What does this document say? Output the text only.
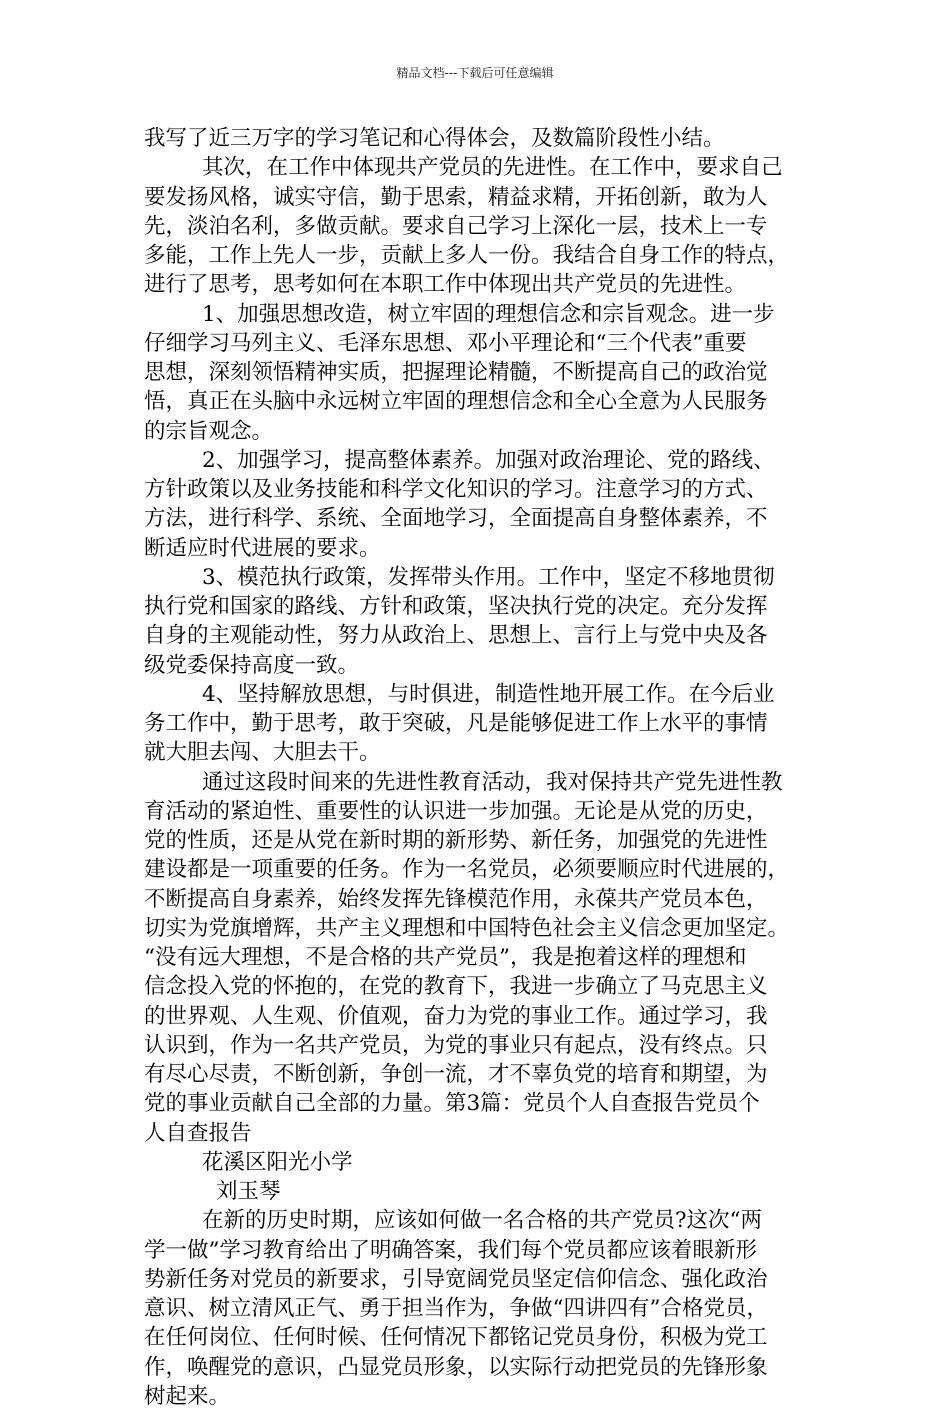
精品文档---下载后可任意编辑
我写了近三万字的学习笔记和心得体会，及数篇阶段性小结。
其次，在工作中体现共产党员的先进性。在工作中，要求自己
要发扬风格，诚实守信，勤于思索，精益求精，开拓创新，敢为人
先，淡泊名利，多做贡献。要求自己学习上深化一层，技术上一专
多能，工作上先人一步，贡献上多人一份。我结合自身工作的特点，
进行了思考，思考如何在本职工作中体现出共产党员的先进性。
1、加强思想改造，树立牢固的理想信念和宗旨观念。进一步
仔细学习马列主义、毛泽东思想、邓小平理论和“三个代表”重要
思想，深刻领悟精神实质，把握理论精髓，不断提高自己的政治觉
悟，真正在头脑中永远树立牢固的理想信念和全心全意为人民服务
的宗旨观念。
2、加强学习，提高整体素养。加强对政治理论、党的路线、
方针政策以及业务技能和科学文化知识的学习。注意学习的方式、
方法，进行科学、系统、全面地学习，全面提高自身整体素养，不
断适应时代进展的要求。
3、模范执行政策，发挥带头作用。工作中，坚定不移地贯彻
执行党和国家的路线、方针和政策，坚决执行党的决定。充分发挥
自身的主观能动性，努力从政治上、思想上、言行上与党中央及各
级党委保持高度一致。
4、坚持解放思想，与时俱进，制造性地开展工作。在今后业
务工作中，勤于思考，敢于突破，凡是能够促进工作上水平的事情
就大胆去闯、大胆去干。
通过这段时间来的先进性教育活动，我对保持共产党先进性教
育活动的紧迫性、重要性的认识进一步加强。无论是从党的历史，
党的性质，还是从党在新时期的新形势、新任务，加强党的先进性
建设都是一项重要的任务。作为一名党员，必须要顺应时代进展的，
不断提高自身素养，始终发挥先锋模范作用，永葆共产党员本色，
切实为党旗增辉，共产主义理想和中国特色社会主义信念更加坚定。
“没有远大理想，不是合格的共产党员”，我是抱着这样的理想和
信念投入党的怀抱的，在党的教育下，我进一步确立了马克思主义
的世界观、人生观、价值观，奋力为党的事业工作。通过学习，我
认识到，作为一名共产党员，为党的事业只有起点，没有终点。只
有尽心尽责，不断创新，争创一流，才不辜负党的培育和期望，为
党的事业贡献自己全部的力量。第3篇：党员个人自查报告党员个
人自查报告
花溪区阳光小学
刘玉琴
在新的历史时期，应该如何做一名合格的共产党员?这次“两
学一做”学习教育给出了明确答案，我们每个党员都应该着眼新形
势新任务对党员的新要求，引导宽阔党员坚定信仰信念、强化政治
意识、树立清风正气、勇于担当作为，争做“四讲四有”合格党员，
在任何岗位、任何时候、任何情况下都铭记党员身份，积极为党工
作，唤醒党的意识，凸显党员形象，以实际行动把党员的先锋形象
树起来。
